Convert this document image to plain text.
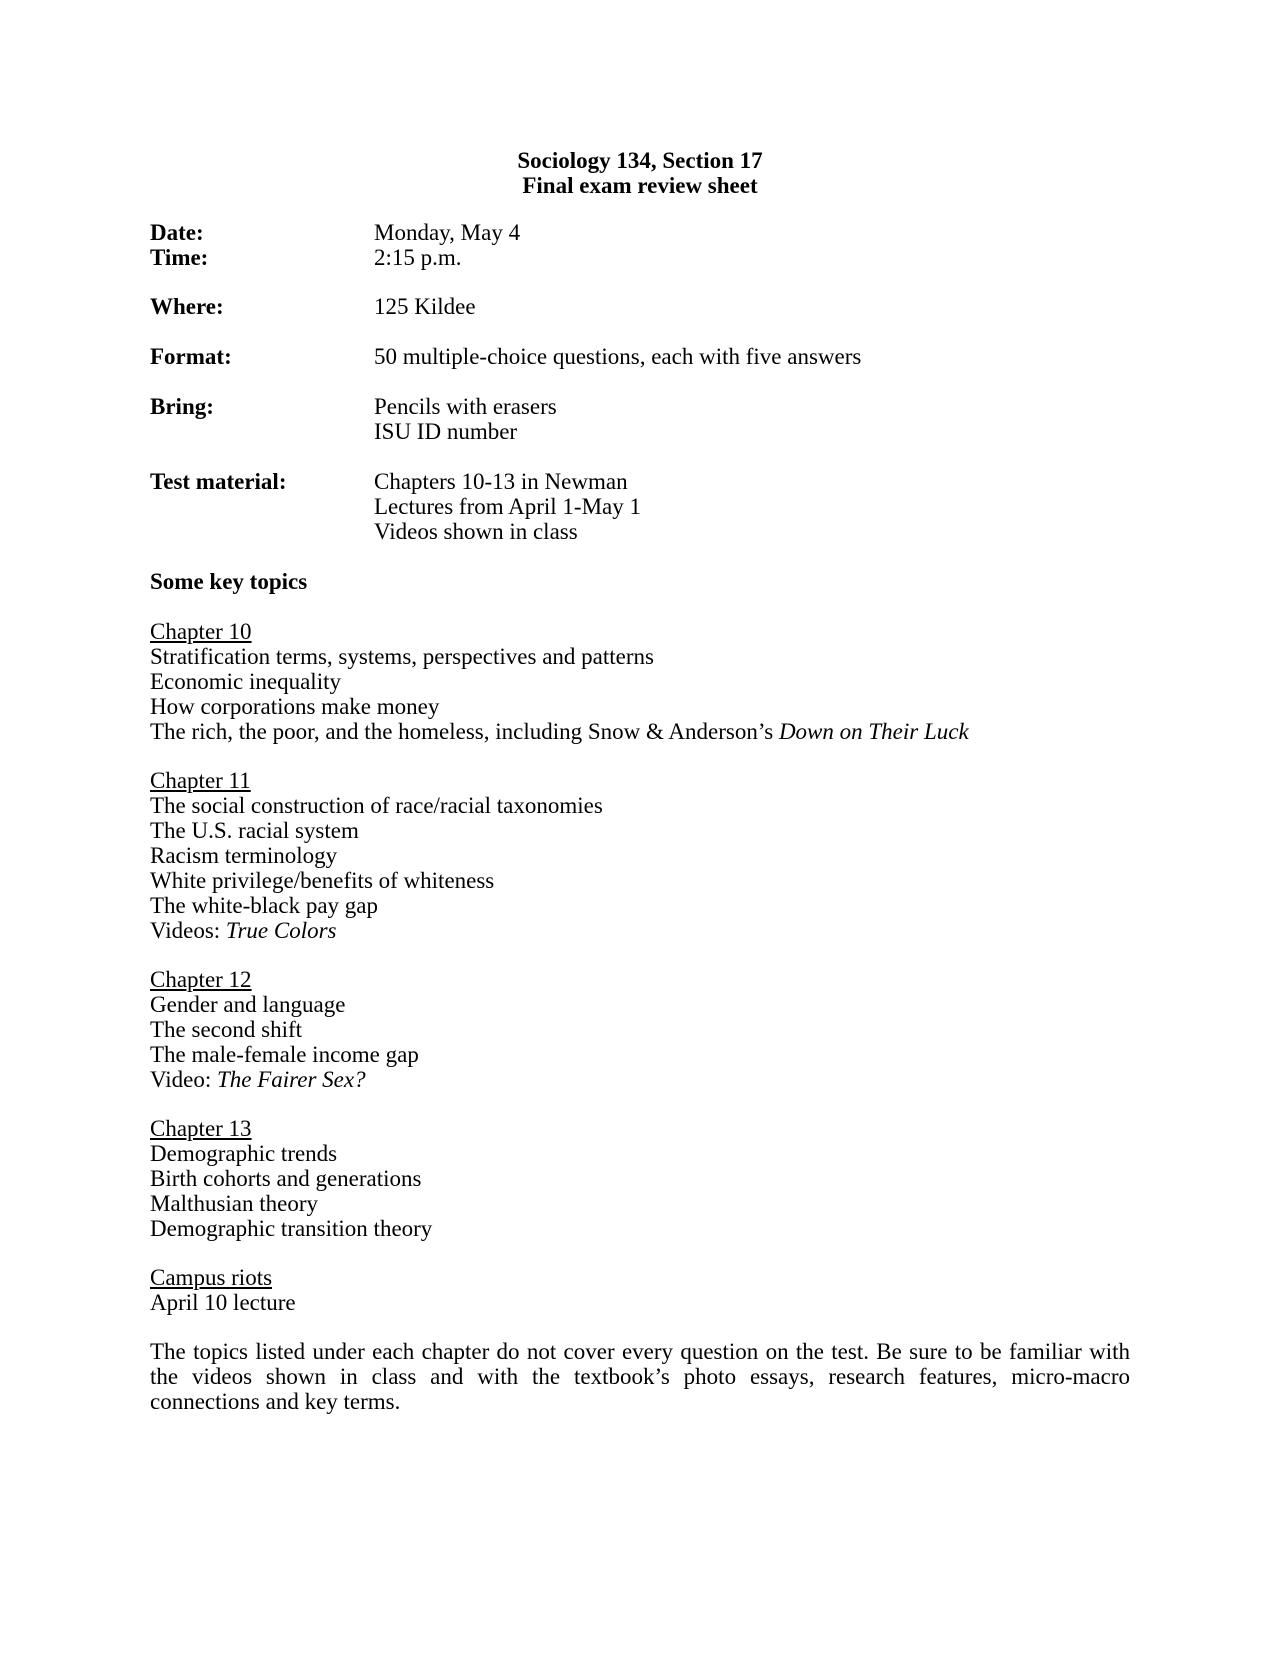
Sociology 134, Section 17
Final exam review sheet
Date:	Monday, May 4
Time:	2:15 p.m.
Where:	125 Kildee
Format:	50 multiple-choice questions, each with five answers
Bring:	Pencils with erasers
ISU ID number
Test material:	Chapters 10-13 in Newman
Lectures from April 1-May 1
Videos shown in class
Some key topics
Chapter 10
Stratification terms, systems, perspectives and patterns
Economic inequality
How corporations make money
The rich, the poor, and the homeless, including Snow & Anderson’s Down on Their Luck
Chapter 11
The social construction of race/racial taxonomies
The U.S. racial system
Racism terminology
White privilege/benefits of whiteness
The white-black pay gap
Videos: True Colors
Chapter 12
Gender and language
The second shift
The male-female income gap
Video: The Fairer Sex?
Chapter 13
Demographic trends
Birth cohorts and generations
Malthusian theory
Demographic transition theory
Campus riots
April 10 lecture
The topics listed under each chapter do not cover every question on the test. Be sure to be familiar with the videos shown in class and with the textbook’s photo essays, research features, micro-macro connections and key terms.
